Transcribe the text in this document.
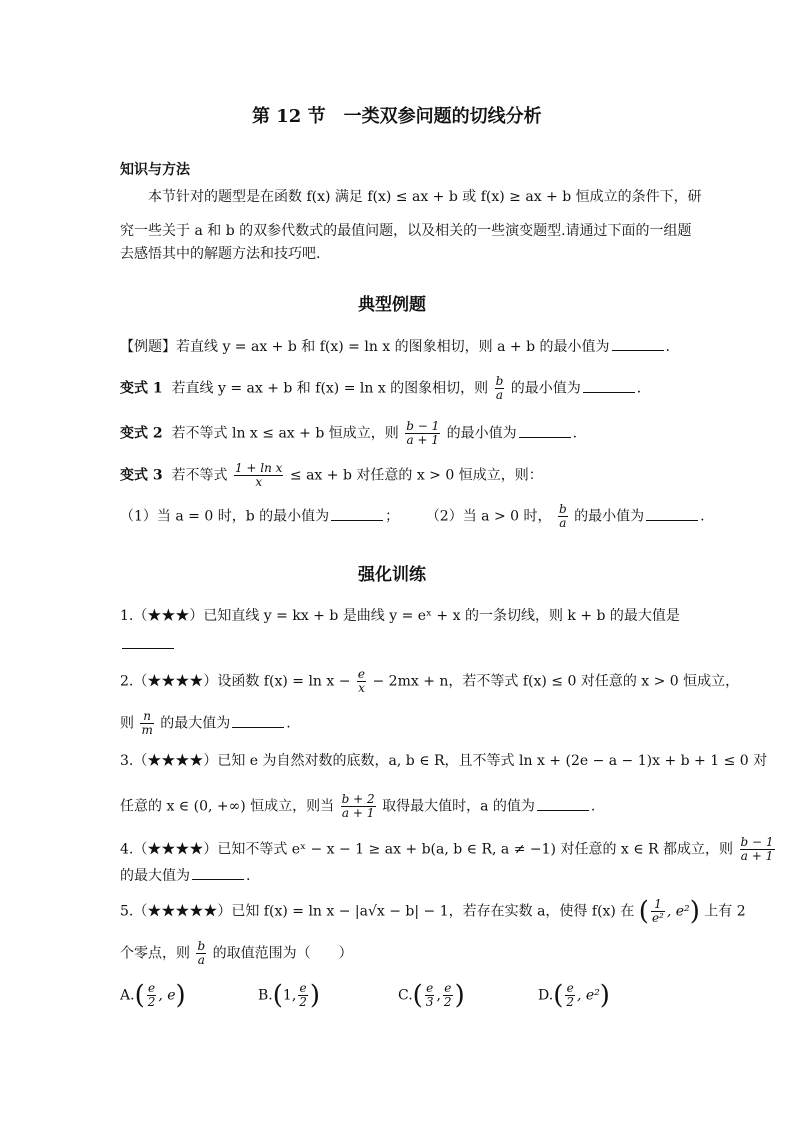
第 12 节　一类双参问题的切线分析
知识与方法
本节针对的题型是在函数 f(x) 满足 f(x) ≤ ax + b 或 f(x) ≥ ax + b 恒成立的条件下，研
究一些关于 a 和 b 的双参代数式的最值问题，以及相关的一些演变题型.请通过下面的一组题
去感悟其中的解题方法和技巧吧.
典型例题
【例题】若直线 y = ax + b 和 f(x) = ln x 的图象相切，则 a + b 的最小值为	.
变式 1 若直线 y = ax + b 和 f(x) = ln x 的图象相切，则 $\frac{b}{a}$ 的最小值为	.
变式 2 若不等式 ln x ≤ ax + b 恒成立，则 $\frac{b - 1}{a + 1}$ 的最小值为	.
变式 3 若不等式 $\frac{\text{1 + ln x}}{x}$ ≤ ax + b 对任意的 x > 0 恒成立，则：
（1）当 a = 0 时，b 的最小值为	；      （2）当 a > 0 时， $\frac{b}{a}$ 的最小值为	.
强化训练
1.（★★★）已知直线 y = kx + b 是曲线 y = eˣ + x 的一条切线，则 k + b 的最大值是
2.（★★★★）设函数 $f(x) = \ln x - \frac{e}{x} - 2mx + n$，若不等式 f(x) ≤ 0 对任意的 x > 0 恒成立，
则 $\frac{n}{m}$ 的最大值为	.
3.（★★★★）已知 e 为自然对数的底数，a, b ∈ R，且不等式 ln x + (2e − a − 1)x + b + 1 ≤ 0 对
任意的 x ∈ (0, +∞) 恒成立，则当 $\frac{b + 2}{a + 1}$ 取得最大值时，a 的值为	.
4.（★★★★）已知不等式 eˣ − x − 1 ≥ ax + b(a, b ∈ R, a ≠ −1) 对任意的 x ∈ R 都成立，则 $\frac{b - 1}{a + 1}$
的最大值为	.
5.（★★★★★）已知 f(x) = ln x − |a√x − b| − 1，若存在实数 a，使得 f(x) 在 ( $\frac{1}{\text{e²}}$ , e²) 上有 2
个零点，则 $\frac{b}{a}$ 的取值范围为（　　）
$A.( \frac{e}{2}$ , e)	B.(1, $\frac{e}{2}$ )	$C.( \frac{e}{3}$ , $\frac{e}{2}$ )	$D.( \frac{e}{2}$ , e²)
